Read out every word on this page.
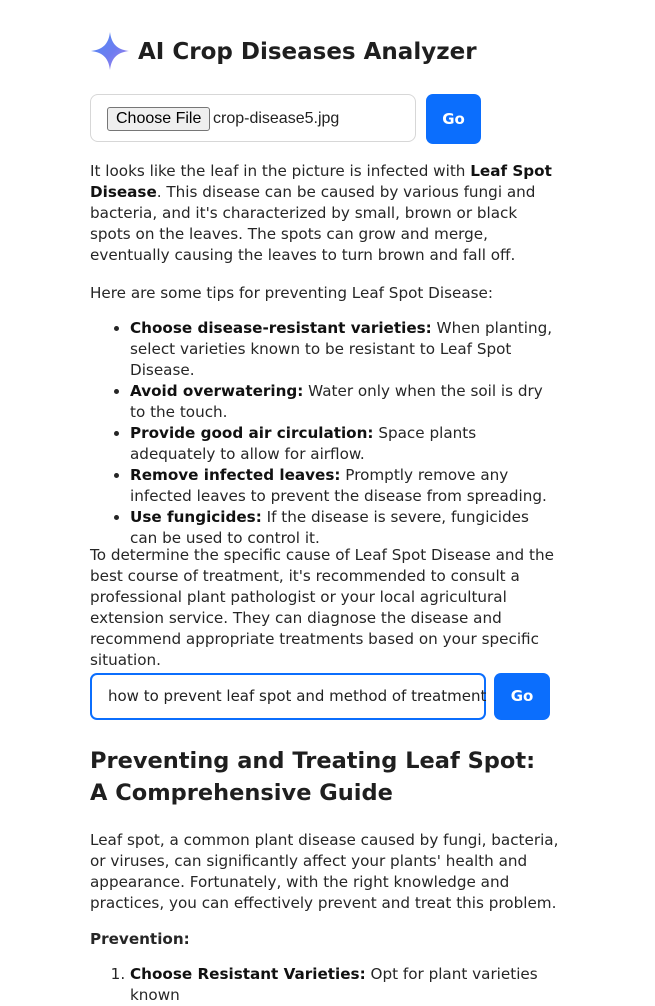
AI Crop Diseases Analyzer
Choose File crop-disease5.jpg	Go

It looks like the leaf in the picture is infected with Leaf Spot Disease. This disease can be caused by various fungi and bacteria, and it's characterized by small, brown or black spots on the leaves. The spots can grow and merge, eventually causing the leaves to turn brown and fall off.

Here are some tips for preventing Leaf Spot Disease:

• Choose disease-resistant varieties: When planting, select varieties known to be resistant to Leaf Spot Disease.
• Avoid overwatering: Water only when the soil is dry to the touch.
• Provide good air circulation: Space plants adequately to allow for airflow.
• Remove infected leaves: Promptly remove any infected leaves to prevent the disease from spreading.
• Use fungicides: If the disease is severe, fungicides can be used to control it.

To determine the specific cause of Leaf Spot Disease and the best course of treatment, it's recommended to consult a professional plant pathologist or your local agricultural extension service. They can diagnose the disease and recommend appropriate treatments based on your specific situation.

how to prevent leaf spot and method of treatment	Go
Preventing and Treating Leaf Spot: A Comprehensive Guide

Leaf spot, a common plant disease caused by fungi, bacteria, or viruses, can significantly affect your plants' health and appearance. Fortunately, with the right knowledge and practices, you can effectively prevent and treat this problem.

Prevention:

1. Choose Resistant Varieties: Opt for plant varieties known
